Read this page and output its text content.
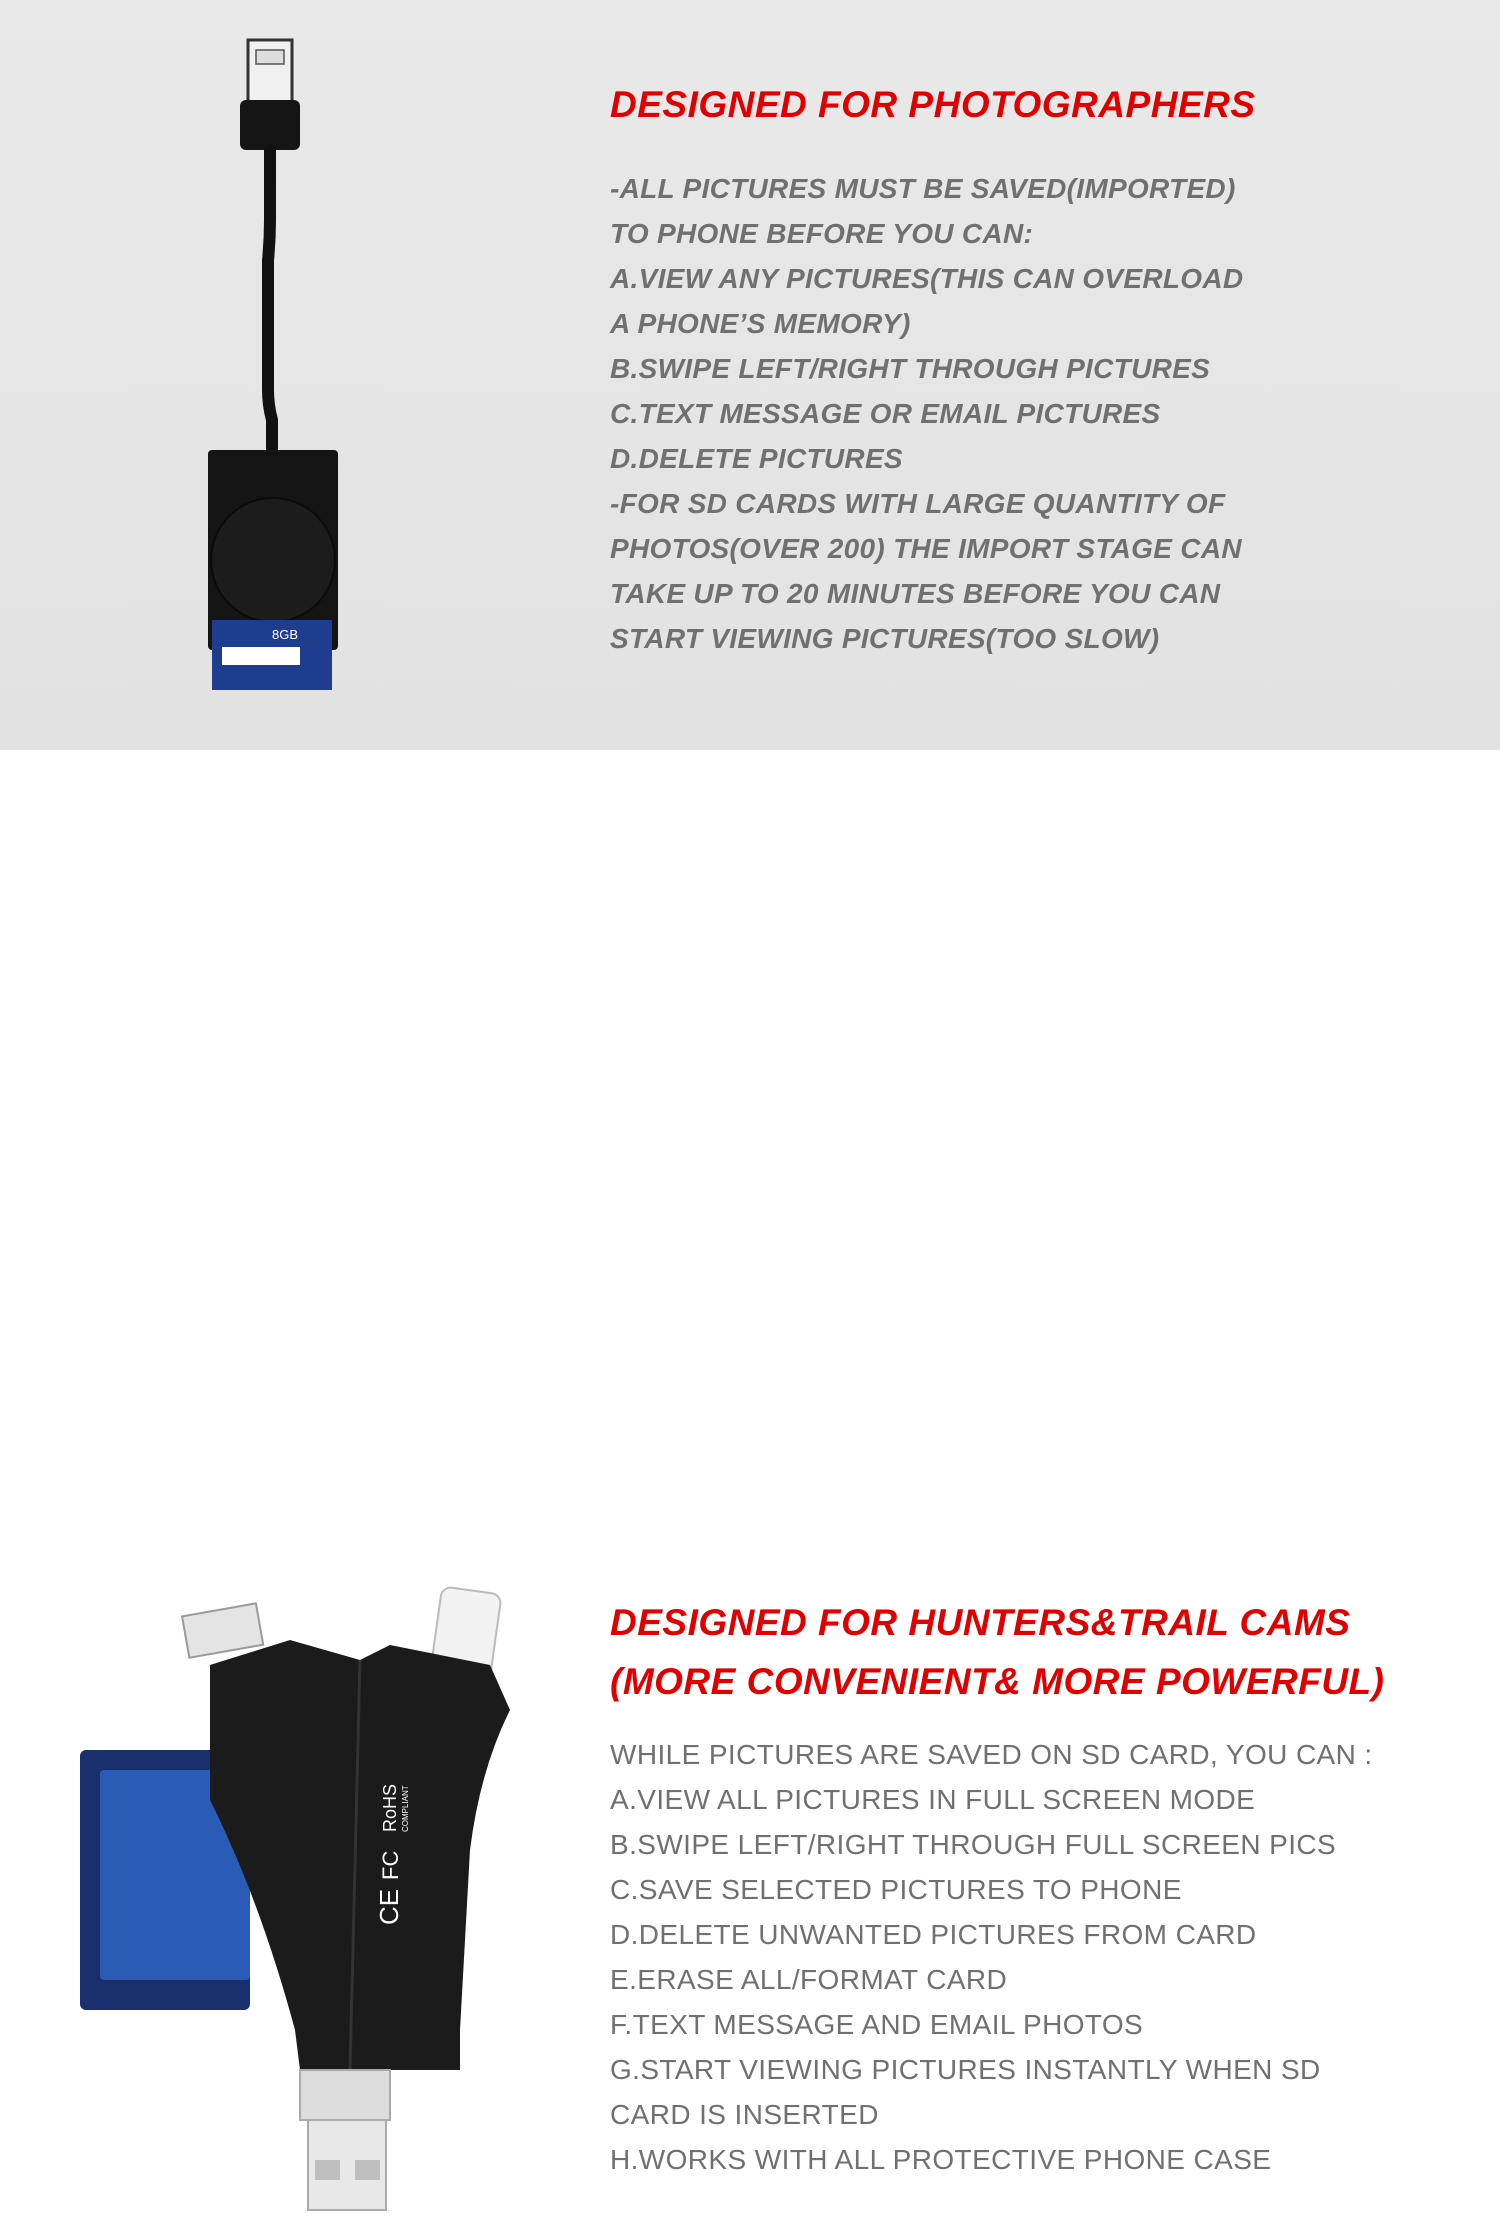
8GB
DESIGNED FOR PHOTOGRAPHERS
-ALL PICTURES MUST BE SAVED(IMPORTED)
TO PHONE BEFORE YOU CAN:
A.VIEW ANY PICTURES(THIS CAN OVERLOAD
A PHONE’S MEMORY)
B.SWIPE LEFT/RIGHT THROUGH PICTURES
C.TEXT MESSAGE OR EMAIL PICTURES
D.DELETE PICTURES
-FOR SD CARDS WITH LARGE QUANTITY OF
PHOTOS(OVER 200) THE IMPORT STAGE CAN
TAKE UP TO 20 MINUTES BEFORE YOU CAN
START VIEWING PICTURES(TOO SLOW)
CE
FC
RoHS COMPLIANT
DESIGNED FOR HUNTERS&TRAIL CAMS
(MORE CONVENIENT& MORE POWERFUL)
WHILE PICTURES ARE SAVED ON SD CARD, YOU CAN :
A.VIEW ALL PICTURES IN FULL SCREEN MODE
B.SWIPE LEFT/RIGHT THROUGH FULL SCREEN PICS
C.SAVE SELECTED PICTURES TO PHONE
D.DELETE UNWANTED PICTURES FROM CARD
E.ERASE ALL/FORMAT CARD
F.TEXT MESSAGE AND EMAIL PHOTOS
G.START VIEWING PICTURES INSTANTLY WHEN SD
CARD IS INSERTED
H.WORKS WITH ALL PROTECTIVE PHONE CASE
